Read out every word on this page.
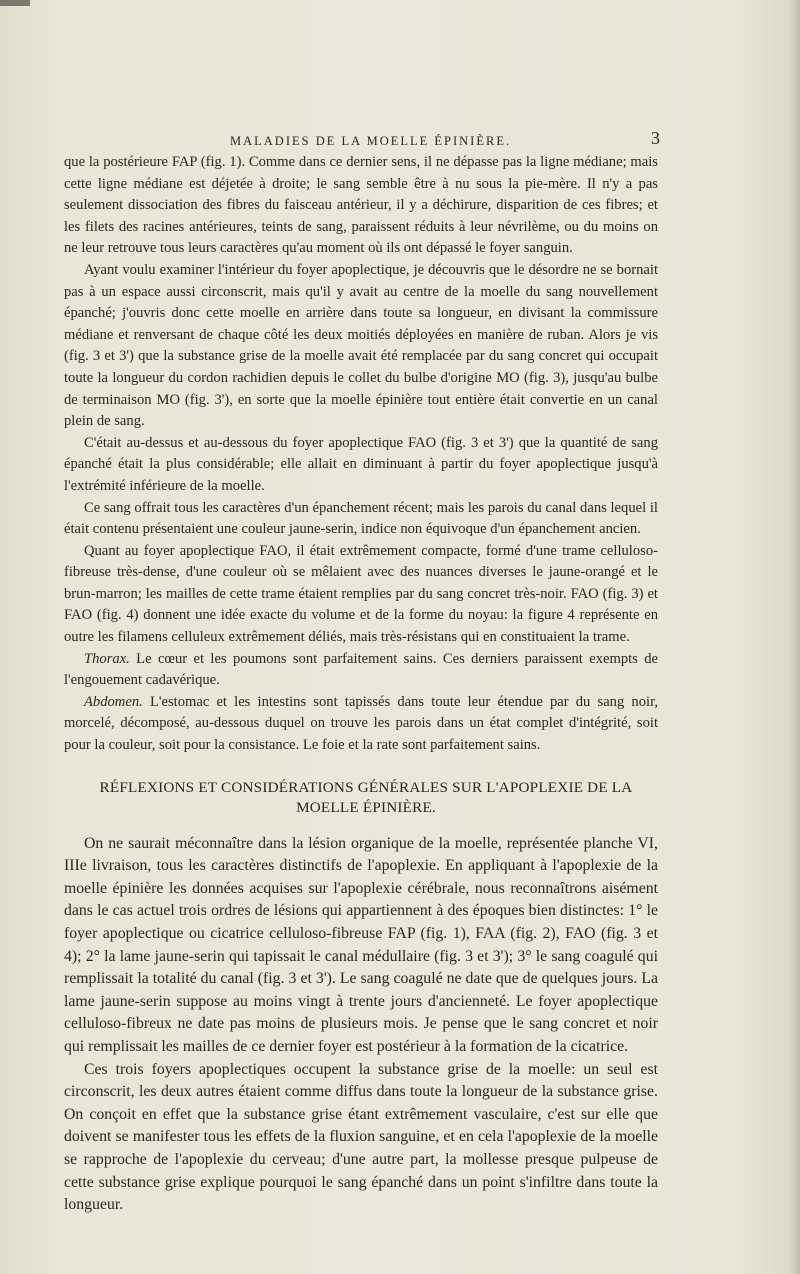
MALADIES DE LA MOELLE ÉPINIÈRE.	3

que la postérieure FAP (fig. 1). Comme dans ce dernier sens, il ne dépasse pas la ligne médiane; mais cette ligne médiane est déjetée à droite; le sang semble être à nu sous la pie-mère. Il n'y a pas seulement dissociation des fibres du faisceau antérieur, il y a déchirure, disparition de ces fibres; et les filets des racines antérieures, teints de sang, paraissent réduits à leur névrilème, ou du moins on ne leur retrouve tous leurs caractères qu'au moment où ils ont dépassé le foyer sanguin.

Ayant voulu examiner l'intérieur du foyer apoplectique, je découvris que le désordre ne se bornait pas à un espace aussi circonscrit, mais qu'il y avait au centre de la moelle du sang nouvellement épanché; j'ouvris donc cette moelle en arrière dans toute sa longueur, en divisant la commissure médiane et renversant de chaque côté les deux moitiés déployées en manière de ruban. Alors je vis (fig. 3 et 3') que la substance grise de la moelle avait été remplacée par du sang concret qui occupait toute la longueur du cordon rachidien depuis le collet du bulbe d'origine MO (fig. 3), jusqu'au bulbe de terminaison MO (fig. 3'), en sorte que la moelle épinière tout entière était convertie en un canal plein de sang.

C'était au-dessus et au-dessous du foyer apoplectique FAO (fig. 3 et 3') que la quantité de sang épanché était la plus considérable; elle allait en diminuant à partir du foyer apoplectique jusqu'à l'extrémité inférieure de la moelle.

Ce sang offrait tous les caractères d'un épanchement récent; mais les parois du canal dans lequel il était contenu présentaient une couleur jaune-serin, indice non équivoque d'un épanchement ancien.

Quant au foyer apoplectique FAO, il était extrêmement compacte, formé d'une trame celluloso-fibreuse très-dense, d'une couleur où se mêlaient avec des nuances diverses le jaune-orangé et le brun-marron; les mailles de cette trame étaient remplies par du sang concret très-noir. FAO (fig. 3) et FAO (fig. 4) donnent une idée exacte du volume et de la forme du noyau: la figure 4 représente en outre les filamens celluleux extrêmement déliés, mais très-résistans qui en constituaient la trame.

Thorax. Le cœur et les poumons sont parfaitement sains. Ces derniers paraissent exempts de l'engouement cadavérique.

Abdomen. L'estomac et les intestins sont tapissés dans toute leur étendue par du sang noir, morcelé, décomposé, au-dessous duquel on trouve les parois dans un état complet d'intégrité, soit pour la couleur, soit pour la consistance. Le foie et la rate sont parfaitement sains.

RÉFLEXIONS ET CONSIDÉRATIONS GÉNÉRALES SUR L'APOPLEXIE DE LA MOELLE ÉPINIÈRE.

On ne saurait méconnaître dans la lésion organique de la moelle, représentée planche VI, IIIe livraison, tous les caractères distinctifs de l'apoplexie. En appliquant à l'apoplexie de la moelle épinière les données acquises sur l'apoplexie cérébrale, nous reconnaîtrons aisément dans le cas actuel trois ordres de lésions qui appartiennent à des époques bien distinctes: 1° le foyer apoplectique ou cicatrice celluloso-fibreuse FAP (fig. 1), FAA (fig. 2), FAO (fig. 3 et 4); 2° la lame jaune-serin qui tapissait le canal médullaire (fig. 3 et 3'); 3° le sang coagulé qui remplissait la totalité du canal (fig. 3 et 3'). Le sang coagulé ne date que de quelques jours. La lame jaune-serin suppose au moins vingt à trente jours d'ancienneté. Le foyer apoplectique celluloso-fibreux ne date pas moins de plusieurs mois. Je pense que le sang concret et noir qui remplissait les mailles de ce dernier foyer est postérieur à la formation de la cicatrice.

Ces trois foyers apoplectiques occupent la substance grise de la moelle: un seul est circonscrit, les deux autres étaient comme diffus dans toute la longueur de la substance grise. On conçoit en effet que la substance grise étant extrêmement vasculaire, c'est sur elle que doivent se manifester tous les effets de la fluxion sanguine, et en cela l'apoplexie de la moelle se rapproche de l'apoplexie du cerveau; d'une autre part, la mollesse presque pulpeuse de cette substance grise explique pourquoi le sang épanché dans un point s'infiltre dans toute la longueur.
